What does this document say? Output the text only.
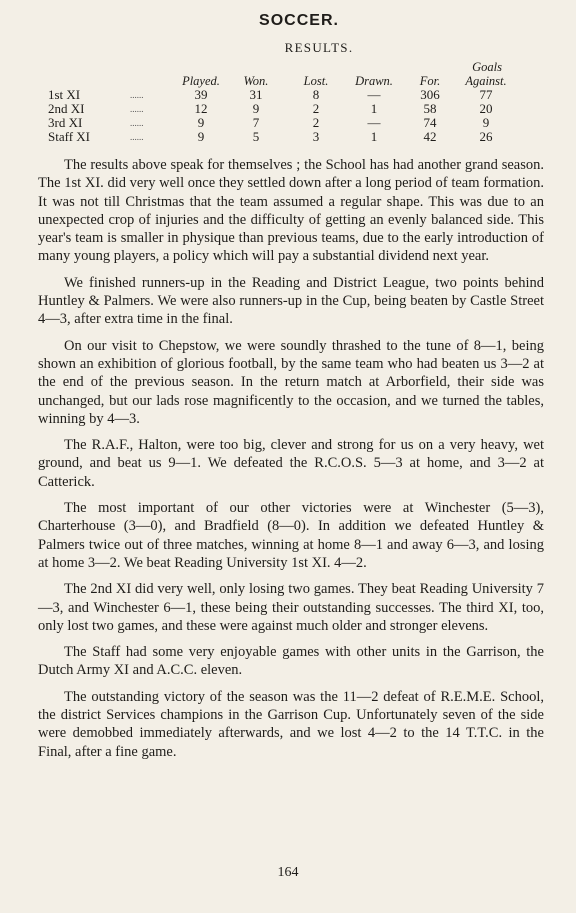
SOCCER.
RESULTS.
						Goals	
		Played.	Won.	Lost.	Drawn.	For.	Against.
1st XI	......	39	31	8	—	306	77
2nd XI	......	12	9	2	1	58	20
3rd XI	......	9	7	2	—	74	9
Staff XI	......	9	5	3	1	42	26

The results above speak for themselves ; the School has had another grand season. The 1st XI. did very well once they settled down after a long period of team formation. It was not till Christmas that the team assumed a regular shape. This was due to an unexpected crop of injuries and the difficulty of getting an evenly balanced side. This year's team is smaller in physique than previous teams, due to the early introduction of many young players, a policy which will pay a substantial dividend next year.

We finished runners-up in the Reading and District League, two points behind Huntley & Palmers. We were also runners-up in the Cup, being beaten by Castle Street 4—3, after extra time in the final.

On our visit to Chepstow, we were soundly thrashed to the tune of 8—1, being shown an exhibition of glorious football, by the same team who had beaten us 3—2 at the end of the previous season. In the return match at Arborfield, their side was unchanged, but our lads rose magnificently to the occasion, and we turned the tables, winning by 4—3.

The R.A.F., Halton, were too big, clever and strong for us on a very heavy, wet ground, and beat us 9—1. We defeated the R.C.O.S. 5—3 at home, and 3—2 at Catterick.

The most important of our other victories were at Winchester (5—3), Charterhouse (3—0), and Bradfield (8—0). In addition we defeated Huntley & Palmers twice out of three matches, winning at home 8—1 and away 6—3, and losing at home 3—2. We beat Reading University 1st XI. 4—2.

The 2nd XI did very well, only losing two games. They beat Reading University 7—3, and Winchester 6—1, these being their outstanding successes. The third XI, too, only lost two games, and these were against much older and stronger elevens.

The Staff had some very enjoyable games with other units in the Garrison, the Dutch Army XI and A.C.C. eleven.

The outstanding victory of the season was the 11—2 defeat of R.E.M.E. School, the district Services champions in the Garrison Cup. Unfortunately seven of the side were demobbed immediately afterwards, and we lost 4—2 to the 14 T.T.C. in the Final, after a fine game.

164
